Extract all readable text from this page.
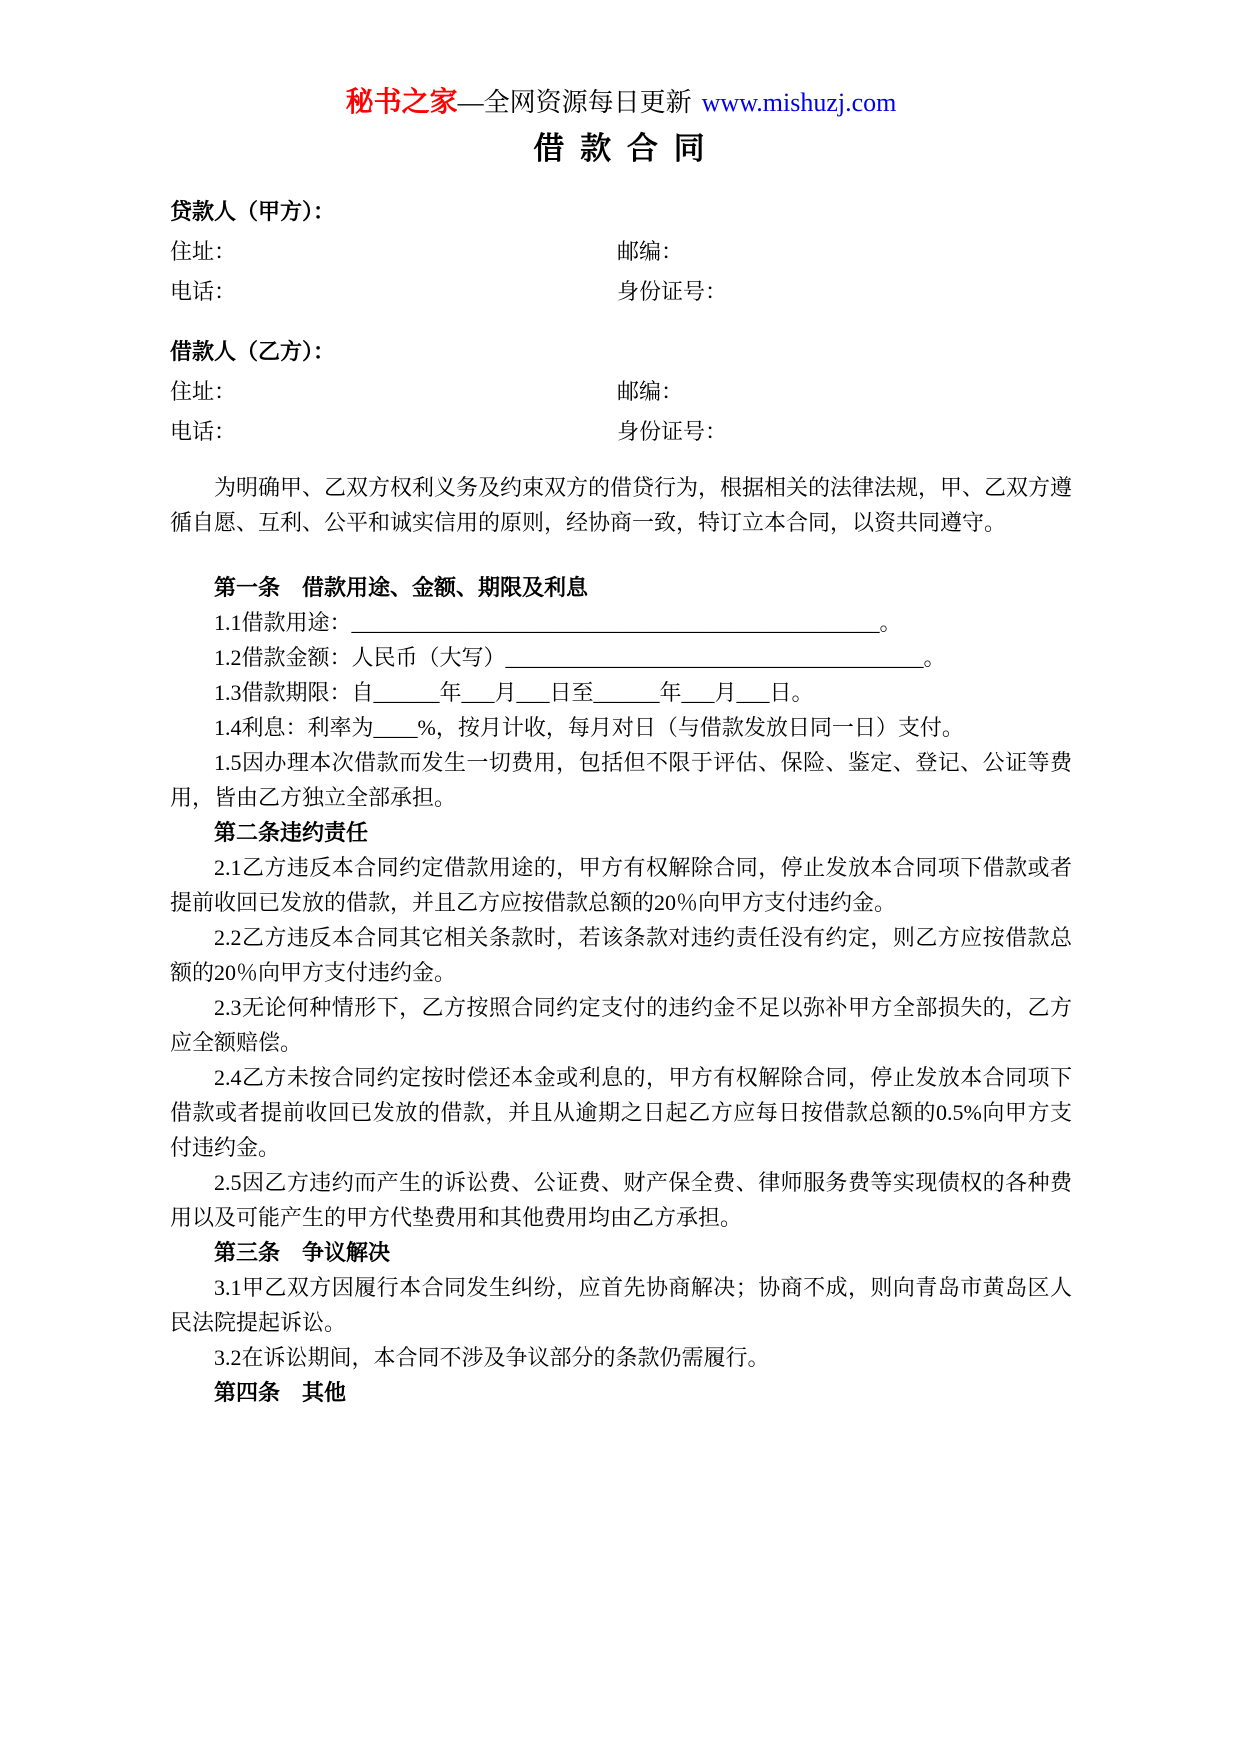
秘书之家—全网资源每日更新 www.mishuzj.com
借 款 合 同

贷款人（甲方）：

住址：	邮编：

电话：	身份证号：

借款人（乙方）：

住址：	邮编：

电话：	身份证号：

为明确甲、乙双方权利义务及约束双方的借贷行为，根据相关的法律法规，甲、乙双方遵循自愿、互利、公平和诚实信用的原则，经协商一致，特订立本合同，以资共同遵守。

第一条　借款用途、金额、期限及利息

1.1借款用途：________________________________________________。

1.2借款金额：人民币（大写）______________________________________。

1.3借款期限：自______年___月___日至______年___月___日。

1.4利息：利率为____%，按月计收，每月对日（与借款发放日同一日）支付。

1.5因办理本次借款而发生一切费用，包括但不限于评估、保险、鉴定、登记、公证等费用，皆由乙方独立全部承担。

第二条违约责任

2.1乙方违反本合同约定借款用途的，甲方有权解除合同，停止发放本合同项下借款或者提前收回已发放的借款，并且乙方应按借款总额的20％向甲方支付违约金。

2.2乙方违反本合同其它相关条款时，若该条款对违约责任没有约定，则乙方应按借款总额的20％向甲方支付违约金。

2.3无论何种情形下，乙方按照合同约定支付的违约金不足以弥补甲方全部损失的，乙方应全额赔偿。

2.4乙方未按合同约定按时偿还本金或利息的，甲方有权解除合同，停止发放本合同项下借款或者提前收回已发放的借款，并且从逾期之日起乙方应每日按借款总额的0.5%向甲方支付违约金。

2.5因乙方违约而产生的诉讼费、公证费、财产保全费、律师服务费等实现债权的各种费用以及可能产生的甲方代垫费用和其他费用均由乙方承担。

第三条　争议解决

3.1甲乙双方因履行本合同发生纠纷，应首先协商解决；协商不成，则向青岛市黄岛区人民法院提起诉讼。

3.2在诉讼期间，本合同不涉及争议部分的条款仍需履行。

第四条　其他
